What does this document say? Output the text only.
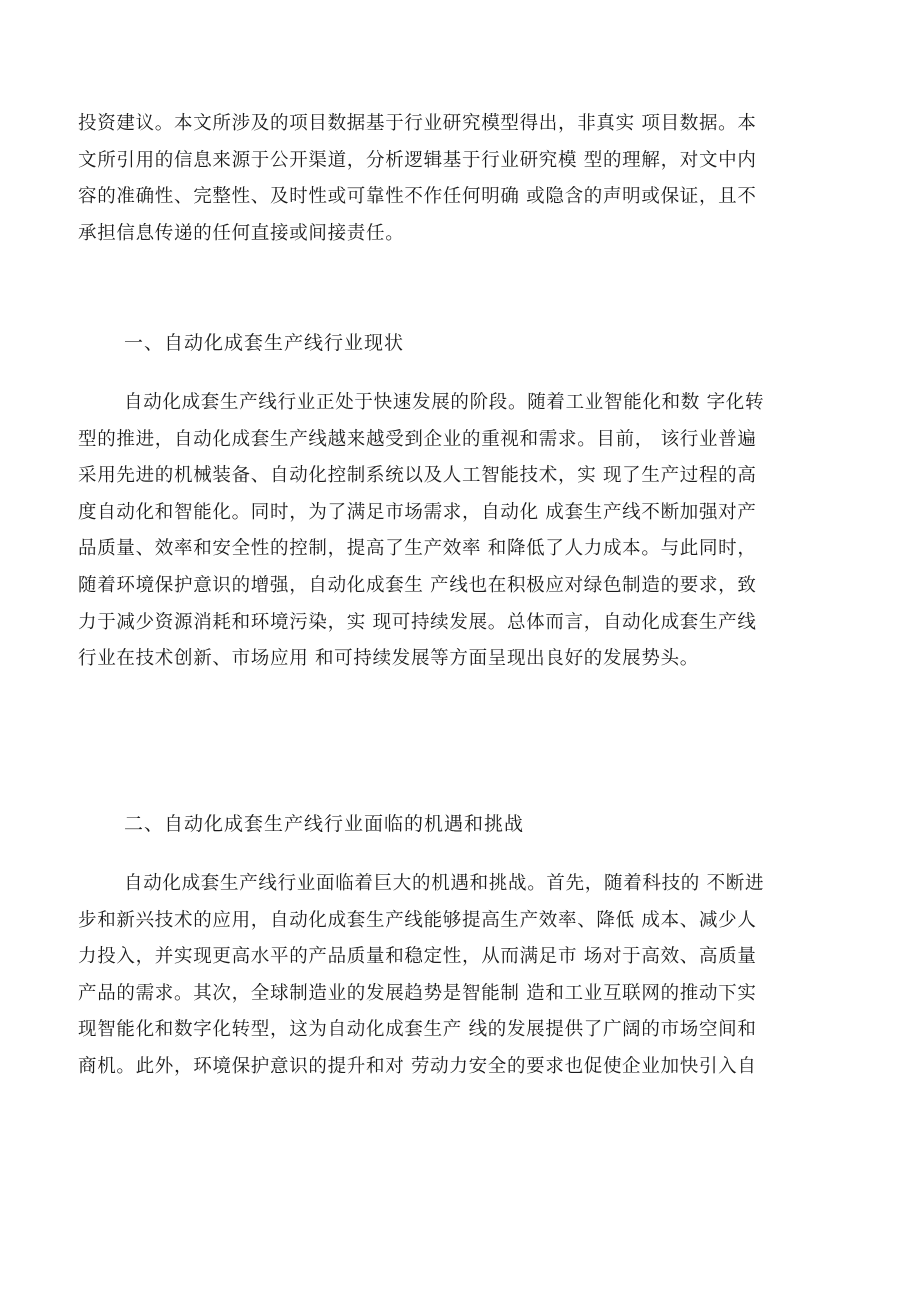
投资建议。本文所涉及的项目数据基于行业研究模型得出，非真实 项目数据。本
文所引用的信息来源于公开渠道，分析逻辑基于行业研究模 型的理解，对文中内
容的准确性、完整性、及时性或可靠性不作任何明确 或隐含的声明或保证，且不
承担信息传递的任何直接或间接责任。
一、自动化成套生产线行业现状
自动化成套生产线行业正处于快速发展的阶段。随着工业智能化和数 字化转
型的推进，自动化成套生产线越来越受到企业的重视和需求。目前， 该行业普遍
采用先进的机械装备、自动化控制系统以及人工智能技术，实 现了生产过程的高
度自动化和智能化。同时，为了满足市场需求，自动化 成套生产线不断加强对产
品质量、效率和安全性的控制，提高了生产效率 和降低了人力成本。与此同时，
随着环境保护意识的增强，自动化成套生 产线也在积极应对绿色制造的要求，致
力于减少资源消耗和环境污染，实 现可持续发展。总体而言，自动化成套生产线
行业在技术创新、市场应用 和可持续发展等方面呈现出良好的发展势头。
二、自动化成套生产线行业面临的机遇和挑战
自动化成套生产线行业面临着巨大的机遇和挑战。首先，随着科技的 不断进
步和新兴技术的应用，自动化成套生产线能够提高生产效率、降低 成本、减少人
力投入，并实现更高水平的产品质量和稳定性，从而满足市 场对于高效、高质量
产品的需求。其次，全球制造业的发展趋势是智能制 造和工业互联网的推动下实
现智能化和数字化转型，这为自动化成套生产 线的发展提供了广阔的市场空间和
商机。此外，环境保护意识的提升和对 劳动力安全的要求也促使企业加快引入自
